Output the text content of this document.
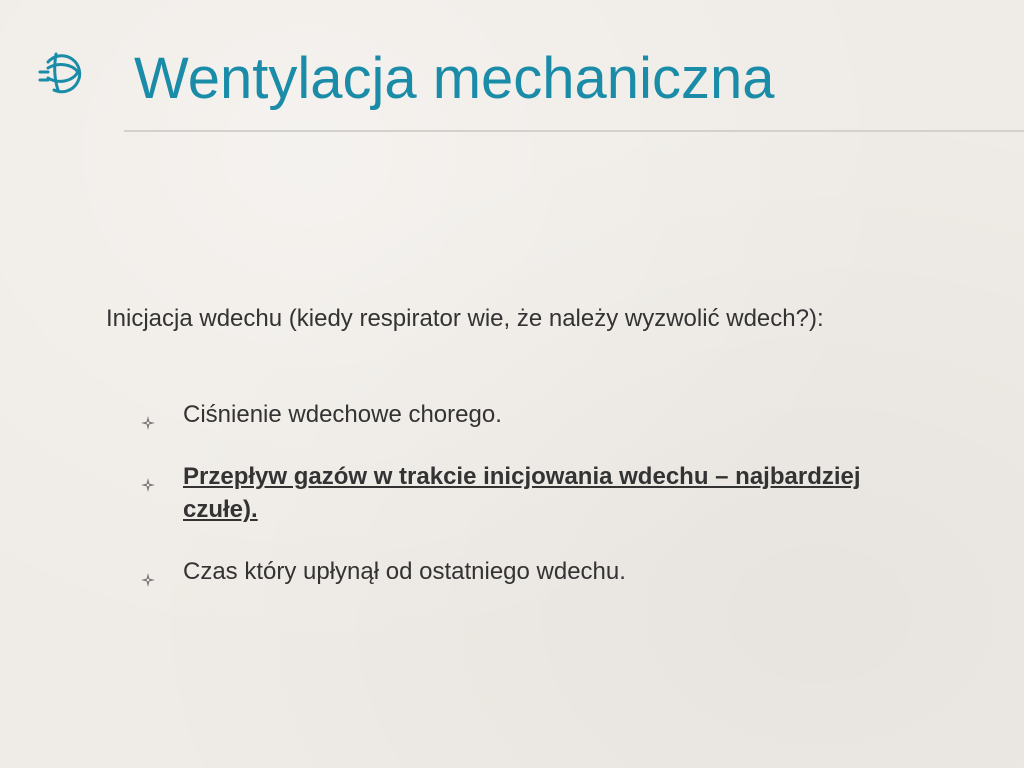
Wentylacja mechaniczna

Inicjacja wdechu (kiedy respirator wie, że należy wyzwolić wdech?):

Ciśnienie wdechowe chorego.
Przepływ gazów w trakcie inicjowania wdechu – najbardziej czułe).
Czas który upłynął od ostatniego wdechu.
